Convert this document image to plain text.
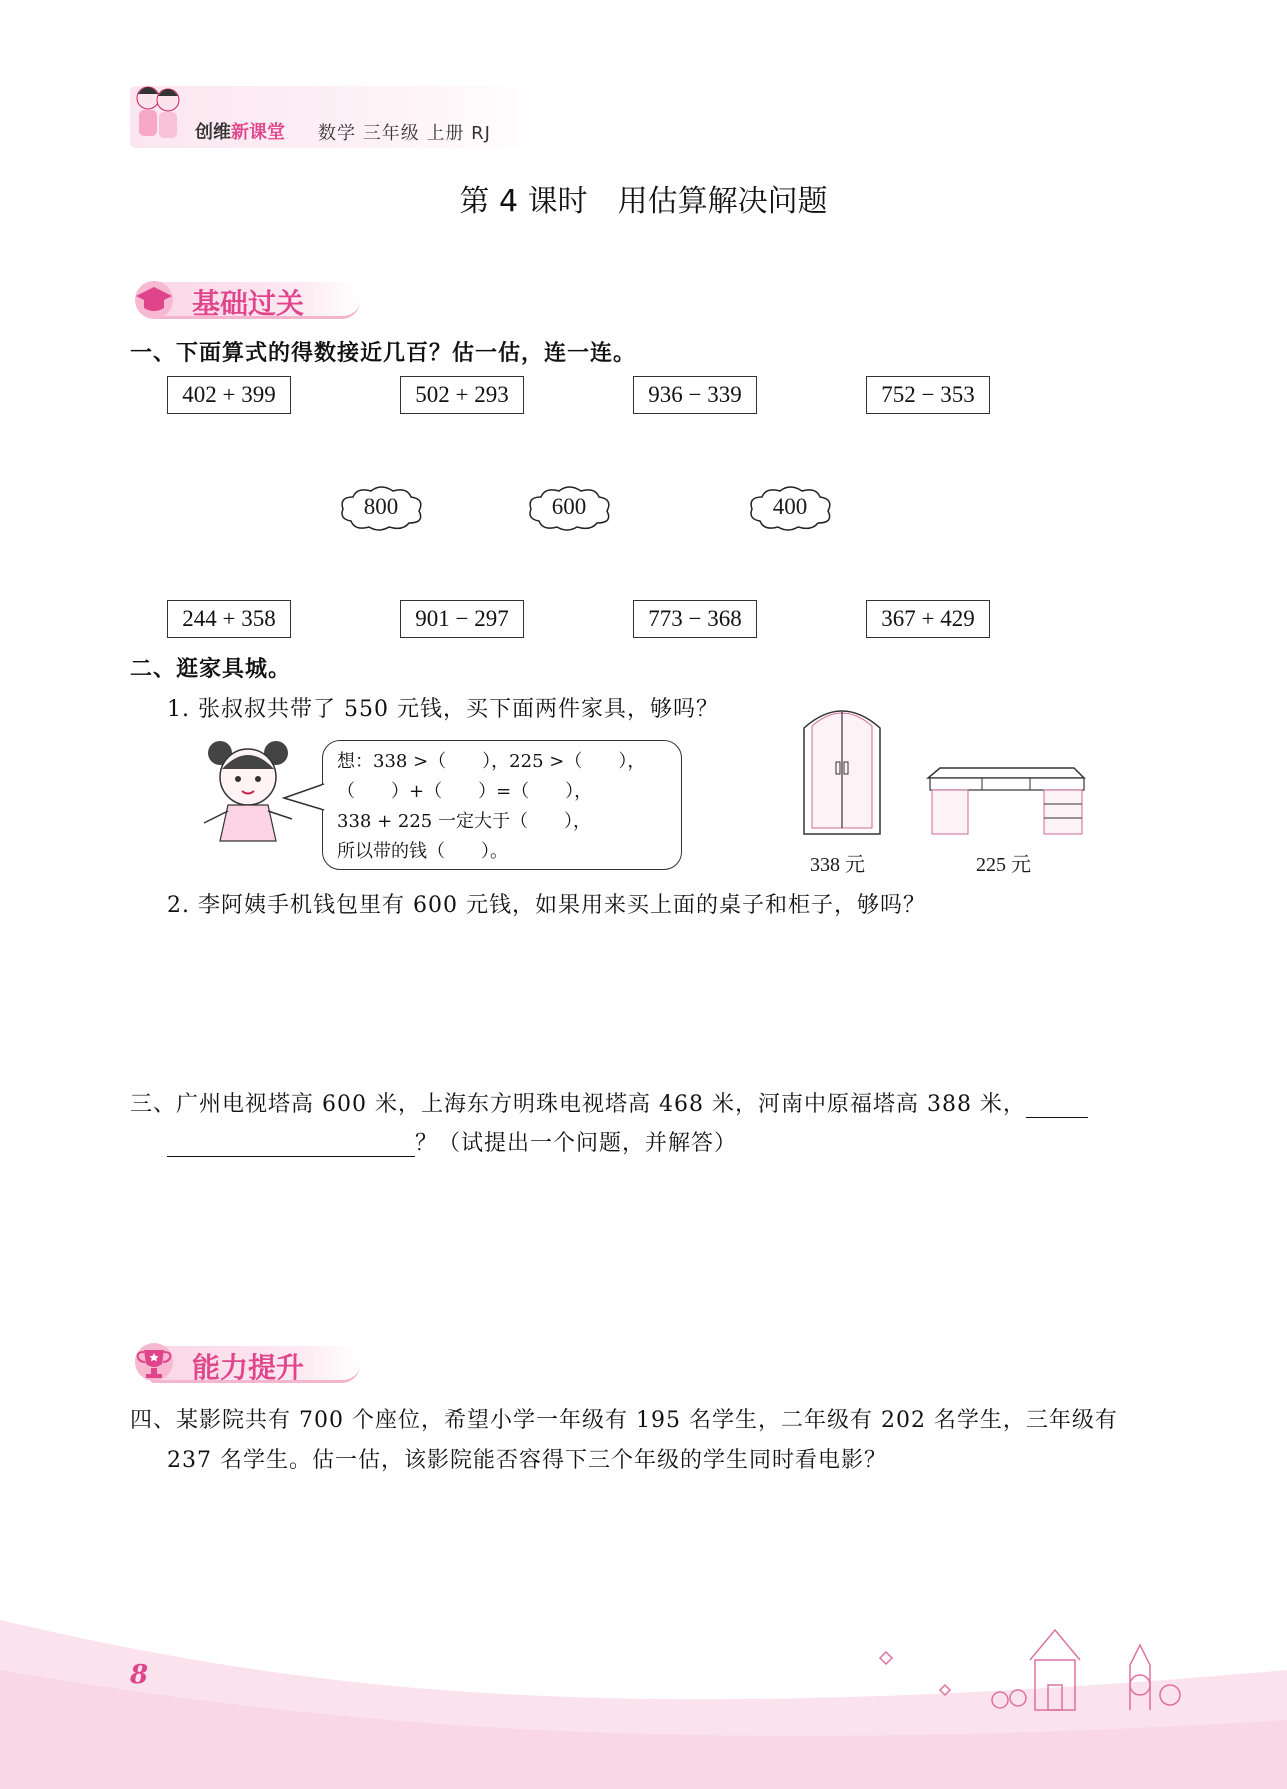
创维新课堂 数学 三年级 上册 RJ
第 4 课时　用估算解决问题
基础过关
一、下面算式的得数接近几百？估一估，连一连。
402 + 399	502 + 293	936 − 339	752 − 353
800	600	400
244 + 358	901 − 297	773 − 368	367 + 429
二、逛家具城。
1. 张叔叔共带了 550 元钱，买下面两件家具，够吗？
想：338 >（　　），225 >（　　），
（　　）+（　　）=（　　），
338 + 225 一定大于（　　），
所以带的钱（　　）。
338 元	225 元
2. 李阿姨手机钱包里有 600 元钱，如果用来买上面的桌子和柜子，够吗？
三、广州电视塔高 600 米，上海东方明珠电视塔高 468 米，河南中原福塔高 388 米，
？（试提出一个问题，并解答）
能力提升
四、某影院共有 700 个座位，希望小学一年级有 195 名学生，二年级有 202 名学生，三年级有
237 名学生。估一估，该影院能否容得下三个年级的学生同时看电影？
8
